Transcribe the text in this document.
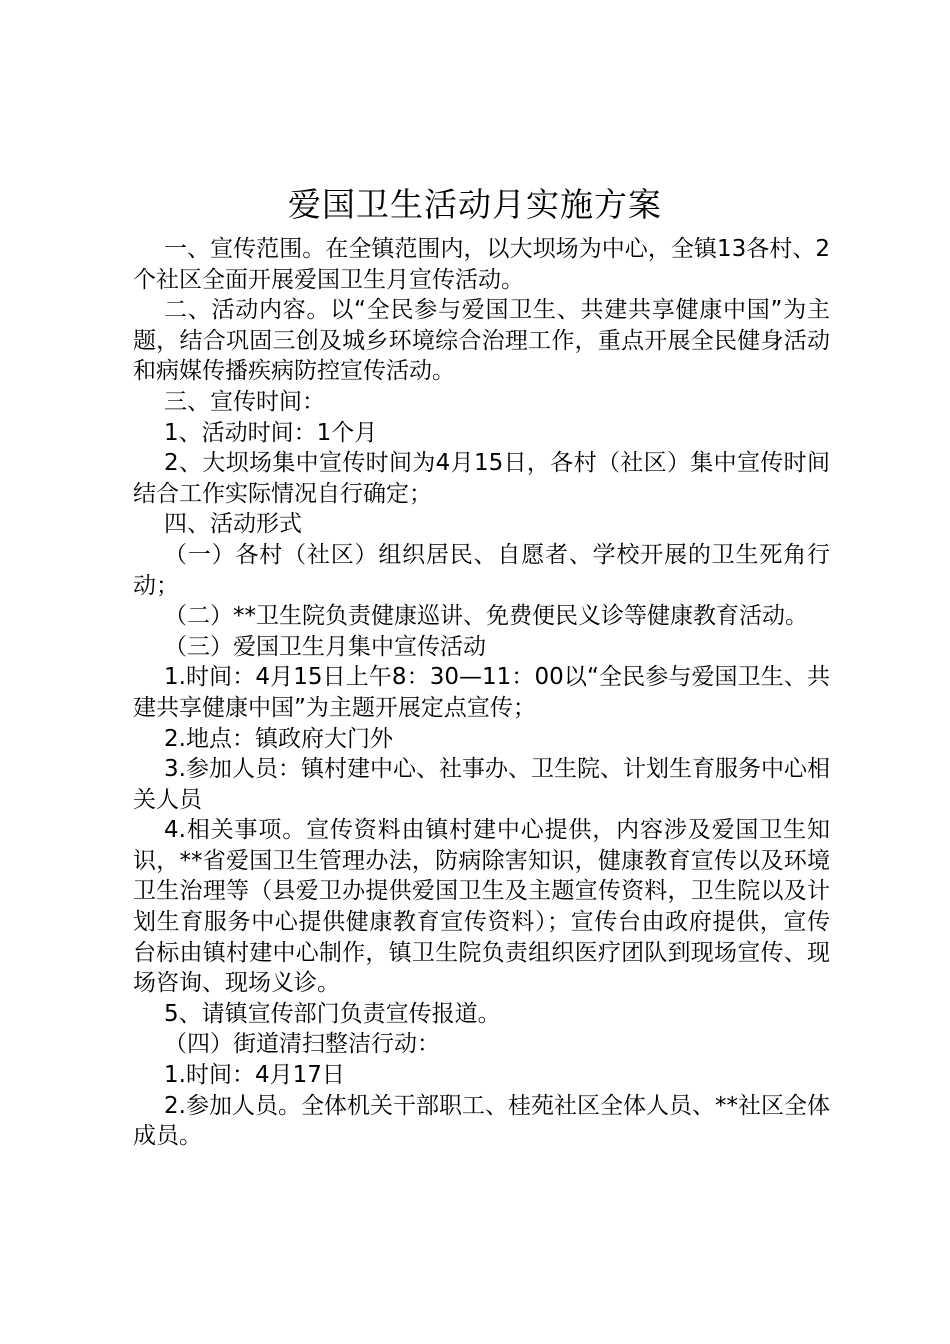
爱国卫生活动月实施方案

一、宣传范围。在全镇范围内，以大坝场为中心，全镇13各村、2个社区全面开展爱国卫生月宣传活动。

二、活动内容。以“全民参与爱国卫生、共建共享健康中国”为主题，结合巩固三创及城乡环境综合治理工作，重点开展全民健身活动和病媒传播疾病防控宣传活动。

三、宣传时间：

1、活动时间：1个月

2、大坝场集中宣传时间为4月15日，各村（社区）集中宣传时间结合工作实际情况自行确定；

四、活动形式

（一）各村（社区）组织居民、自愿者、学校开展的卫生死角行动；

（二）**卫生院负责健康巡讲、免费便民义诊等健康教育活动。

（三）爱国卫生月集中宣传活动

1.时间：4月15日上午8：30—11：00以“全民参与爱国卫生、共建共享健康中国”为主题开展定点宣传；

2.地点：镇政府大门外

3.参加人员：镇村建中心、社事办、卫生院、计划生育服务中心相关人员

4.相关事项。宣传资料由镇村建中心提供，内容涉及爱国卫生知识，**省爱国卫生管理办法，防病除害知识，健康教育宣传以及环境卫生治理等（县爱卫办提供爱国卫生及主题宣传资料，卫生院以及计划生育服务中心提供健康教育宣传资料）；宣传台由政府提供，宣传台标由镇村建中心制作，镇卫生院负责组织医疗团队到现场宣传、现场咨询、现场义诊。

5、请镇宣传部门负责宣传报道。

（四）街道清扫整洁行动：

1.时间：4月17日

2.参加人员。全体机关干部职工、桂苑社区全体人员、**社区全体成员。
